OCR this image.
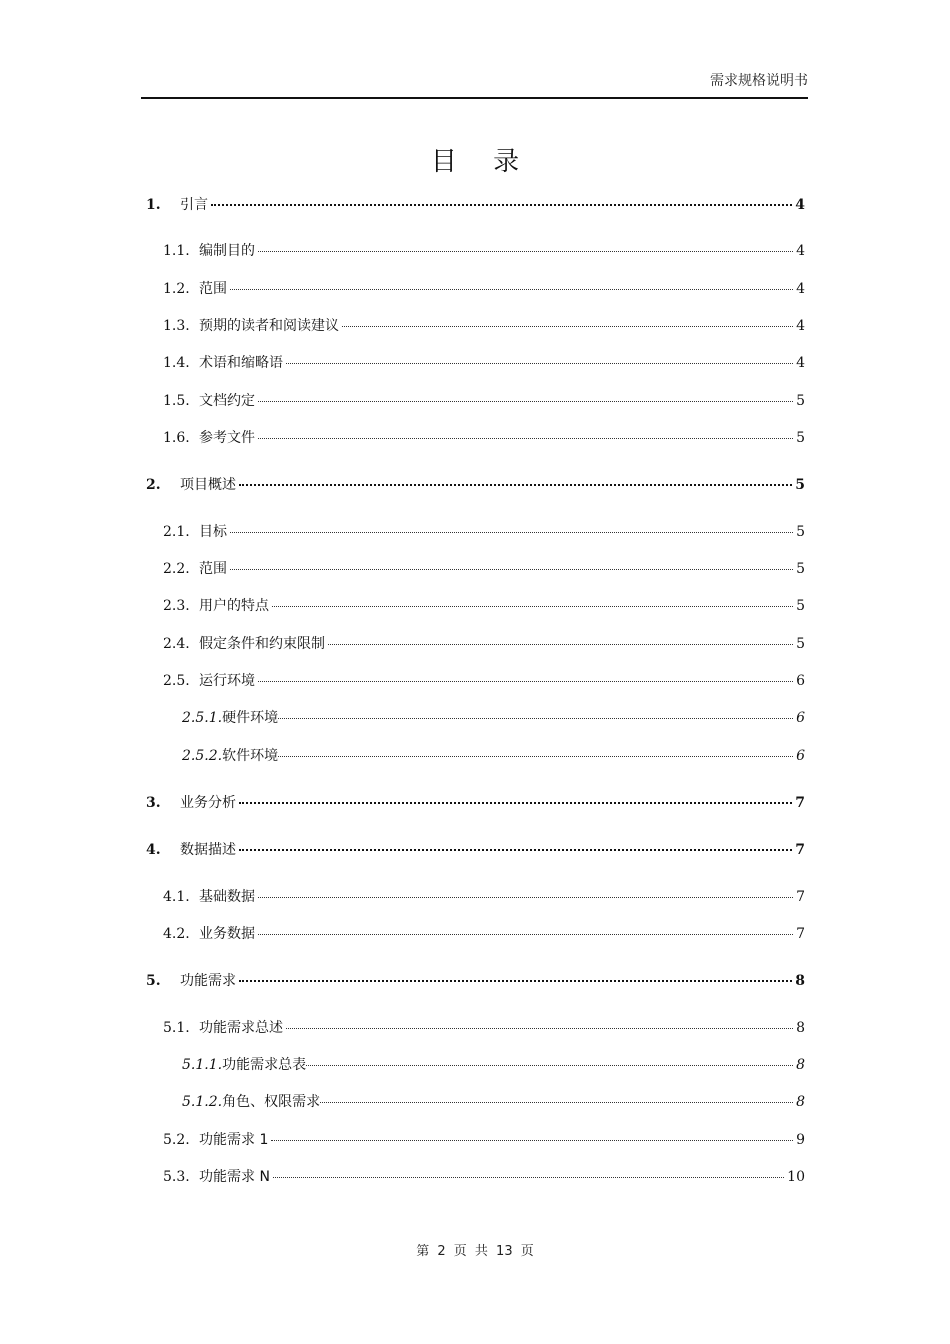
需求规格说明书
目 录
1.	引言	4
1.1. 编制目的	4
1.2. 范围	4
1.3. 预期的读者和阅读建议	4
1.4. 术语和缩略语	4
1.5. 文档约定	5
1.6. 参考文件	5
2.	项目概述	5
2.1. 目标	5
2.2. 范围	5
2.3. 用户的特点	5
2.4. 假定条件和约束限制	5
2.5. 运行环境	6
2.5.1. 硬件环境	6
2.5.2. 软件环境	6
3.	业务分析	7
4.	数据描述	7
4.1. 基础数据	7
4.2. 业务数据	7
5.	功能需求	8
5.1. 功能需求总述	8
5.1.1. 功能需求总表	8
5.1.2. 角色、权限需求	8
5.2. 功能需求 1	9
5.3. 功能需求 N	10
第 2 页 共 13 页
